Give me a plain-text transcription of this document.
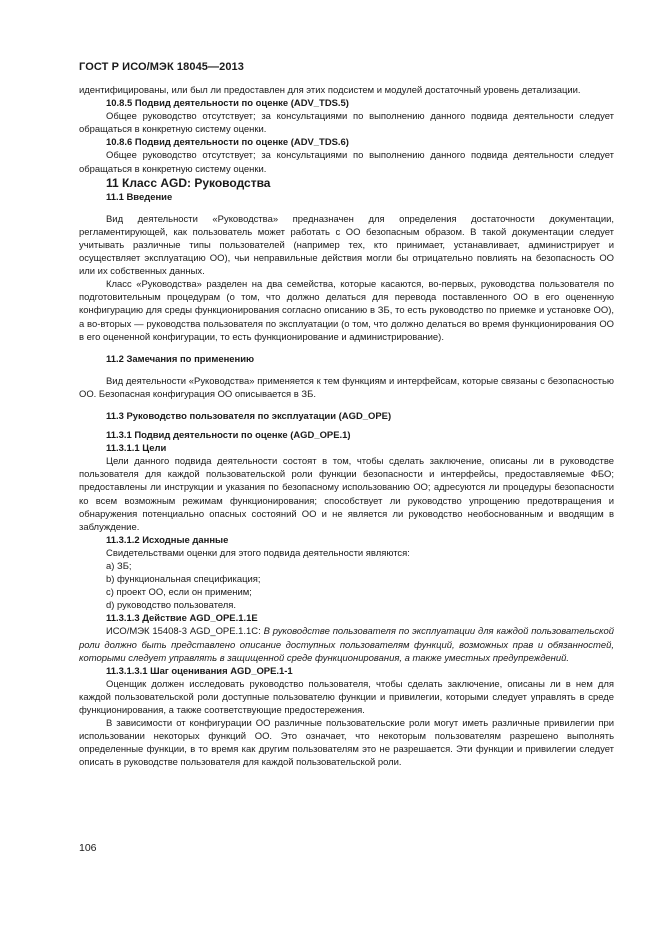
ГОСТ Р ИСО/МЭК 18045—2013

идентифицированы, или был ли предоставлен для этих подсистем и модулей достаточный уровень детализации.

10.8.5 Подвид деятельности по оценке (ADV_TDS.5)

Общее руководство отсутствует; за консультациями по выполнению данного подвида деятельности следует обращаться в конкретную систему оценки.

10.8.6 Подвид деятельности по оценке (ADV_TDS.6)

Общее руководство отсутствует; за консультациями по выполнению данного подвида деятельности следует обращаться в конкретную систему оценки.

11 Класс AGD: Руководства

11.1 Введение

Вид деятельности «Руководства» предназначен для определения достаточности документации, регламентирующей, как пользователь может работать с ОО безопасным образом. В такой документации следует учитывать различные типы пользователей (например тех, кто принимает, устанавливает, администрирует и осуществляет эксплуатацию ОО), чьи неправильные действия могли бы отрицательно повлиять на безопасность ОО или их собственных данных.

Класс «Руководства» разделен на два семейства, которые касаются, во-первых, руководства пользователя по подготовительным процедурам (о том, что должно делаться для перевода поставленного ОО в его оцененную конфигурацию для среды функционирования согласно описанию в ЗБ, то есть руководство по приемке и установке ОО), а во-вторых — руководства пользователя по эксплуатации (о том, что должно делаться во время функционирования ОО в его оцененной конфигурации, то есть функционирование и администрирование).

11.2 Замечания по применению

Вид деятельности «Руководства» применяется к тем функциям и интерфейсам, которые связаны с безопасностью ОО. Безопасная конфигурация ОО описывается в ЗБ.

11.3 Руководство пользователя по эксплуатации (AGD_OPE)

11.3.1 Подвид деятельности по оценке (AGD_OPE.1)

11.3.1.1 Цели

Цели данного подвида деятельности состоят в том, чтобы сделать заключение, описаны ли в руководстве пользователя для каждой пользовательской роли функции безопасности и интерфейсы, предоставляемые ФБО; предоставлены ли инструкции и указания по безопасному использованию ОО; адресуются ли процедуры безопасности ко всем возможным режимам функционирования; способствует ли руководство упрощению предотвращения и обнаружения потенциально опасных состояний ОО и не является ли руководство необоснованным и вводящим в заблуждение.

11.3.1.2 Исходные данные

Свидетельствами оценки для этого подвида деятельности являются:

a) ЗБ;

b) функциональная спецификация;

c) проект ОО, если он применим;

d) руководство пользователя.

11.3.1.3 Действие AGD_OPE.1.1E

ИСО/МЭК 15408-3 AGD_OPE.1.1C: В руководстве пользователя по эксплуатации для каждой пользовательской роли должно быть представлено описание доступных пользователям функций, возможных прав и обязанностей, которыми следует управлять в защищенной среде функционирования, а также уместных предупреждений.

11.3.1.3.1 Шаг оценивания AGD_OPE.1-1

Оценщик должен исследовать руководство пользователя, чтобы сделать заключение, описаны ли в нем для каждой пользовательской роли доступные пользователю функции и привилегии, которыми следует управлять в среде функционирования, а также соответствующие предостережения.

В зависимости от конфигурации ОО различные пользовательские роли могут иметь различные привилегии при использовании некоторых функций ОО. Это означает, что некоторым пользователям разрешено выполнять определенные функции, в то время как другим пользователям это не разрешается. Эти функции и привилегии следует описать в руководстве пользователя для каждой пользовательской роли.

106
